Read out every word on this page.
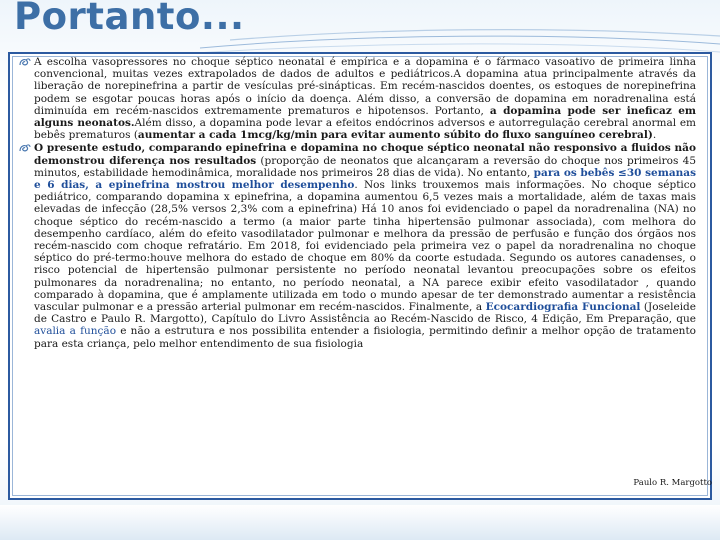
Portanto...

A escolha vasopressores no choque séptico neonatal é empírica e a dopamina é o fármaco vasoativo de primeira linha convencional, muitas vezes extrapolados de dados de adultos e pediátricos.A dopamina atua principalmente através da liberação de norepinefrina a partir de vesículas pré-sinápticas. Em recém-nascidos doentes, os estoques de norepinefrina podem se esgotar poucas horas após o início da doença. Além disso, a conversão de dopamina em noradrenalina está diminuída em recém-nascidos extremamente prematuros e hipotensos. Portanto, a dopamina pode ser ineficaz em alguns neonatos.Além disso, a dopamina pode levar a efeitos endócrinos adversos e autorregulação cerebral anormal em bebês prematuros (aumentar a cada 1mcg/kg/min para evitar aumento súbito do fluxo sanguíneo cerebral).

O presente estudo, comparando epinefrina e dopamina no choque séptico neonatal não responsivo a fluidos não demonstrou diferença nos resultados (proporção de neonatos que alcançaram a reversão do choque nos primeiros 45 minutos, estabilidade hemodinâmica, moralidade nos primeiros 28 dias de vida). No entanto, para os bebês ≤30 semanas e 6 dias, a epinefrina mostrou melhor desempenho. Nos links trouxemos mais informações. No choque séptico pediátrico, comparando dopamina x epinefrina, a dopamina aumentou 6,5 vezes mais a mortalidade, além de taxas mais elevadas de infecção (28,5% versos 2,3% com a epinefrina) Há 10 anos foi evidenciado o papel da noradrenalina (NA) no choque séptico do recém-nascido a termo (a maior parte tinha hipertensão pulmonar associada), com melhora do desempenho cardíaco, além do efeito vasodilatador pulmonar e melhora da pressão de perfusão e função dos órgãos nos recém-nascido com choque refratário. Em 2018, foi evidenciado pela primeira vez o papel da noradrenalina no choque séptico do pré-termo:houve melhora do estado de choque em 80% da coorte estudada. Segundo os autores canadenses, o risco potencial de hipertensão pulmonar persistente no período neonatal levantou preocupações sobre os efeitos pulmonares da noradrenalina; no entanto, no período neonatal, a NA parece exibir efeito vasodilatador , quando comparado à dopamina, que é amplamente utilizada em todo o mundo apesar de ter demonstrado aumentar a resistência vascular pulmonar e a pressão arterial pulmonar em recém-nascidos. Finalmente, a Ecocardiografia Funcional (Joseleide de Castro e Paulo R. Margotto), Capítulo do Livro Assistência ao Recém-Nascido de Risco, 4 Edição, Em Preparação, que avalia a função e não a estrutura e nos possibilita entender a fisiologia, permitindo definir a melhor opção de tratamento para esta criança, pelo melhor entendimento de sua fisiologia

Paulo R. Margotto
